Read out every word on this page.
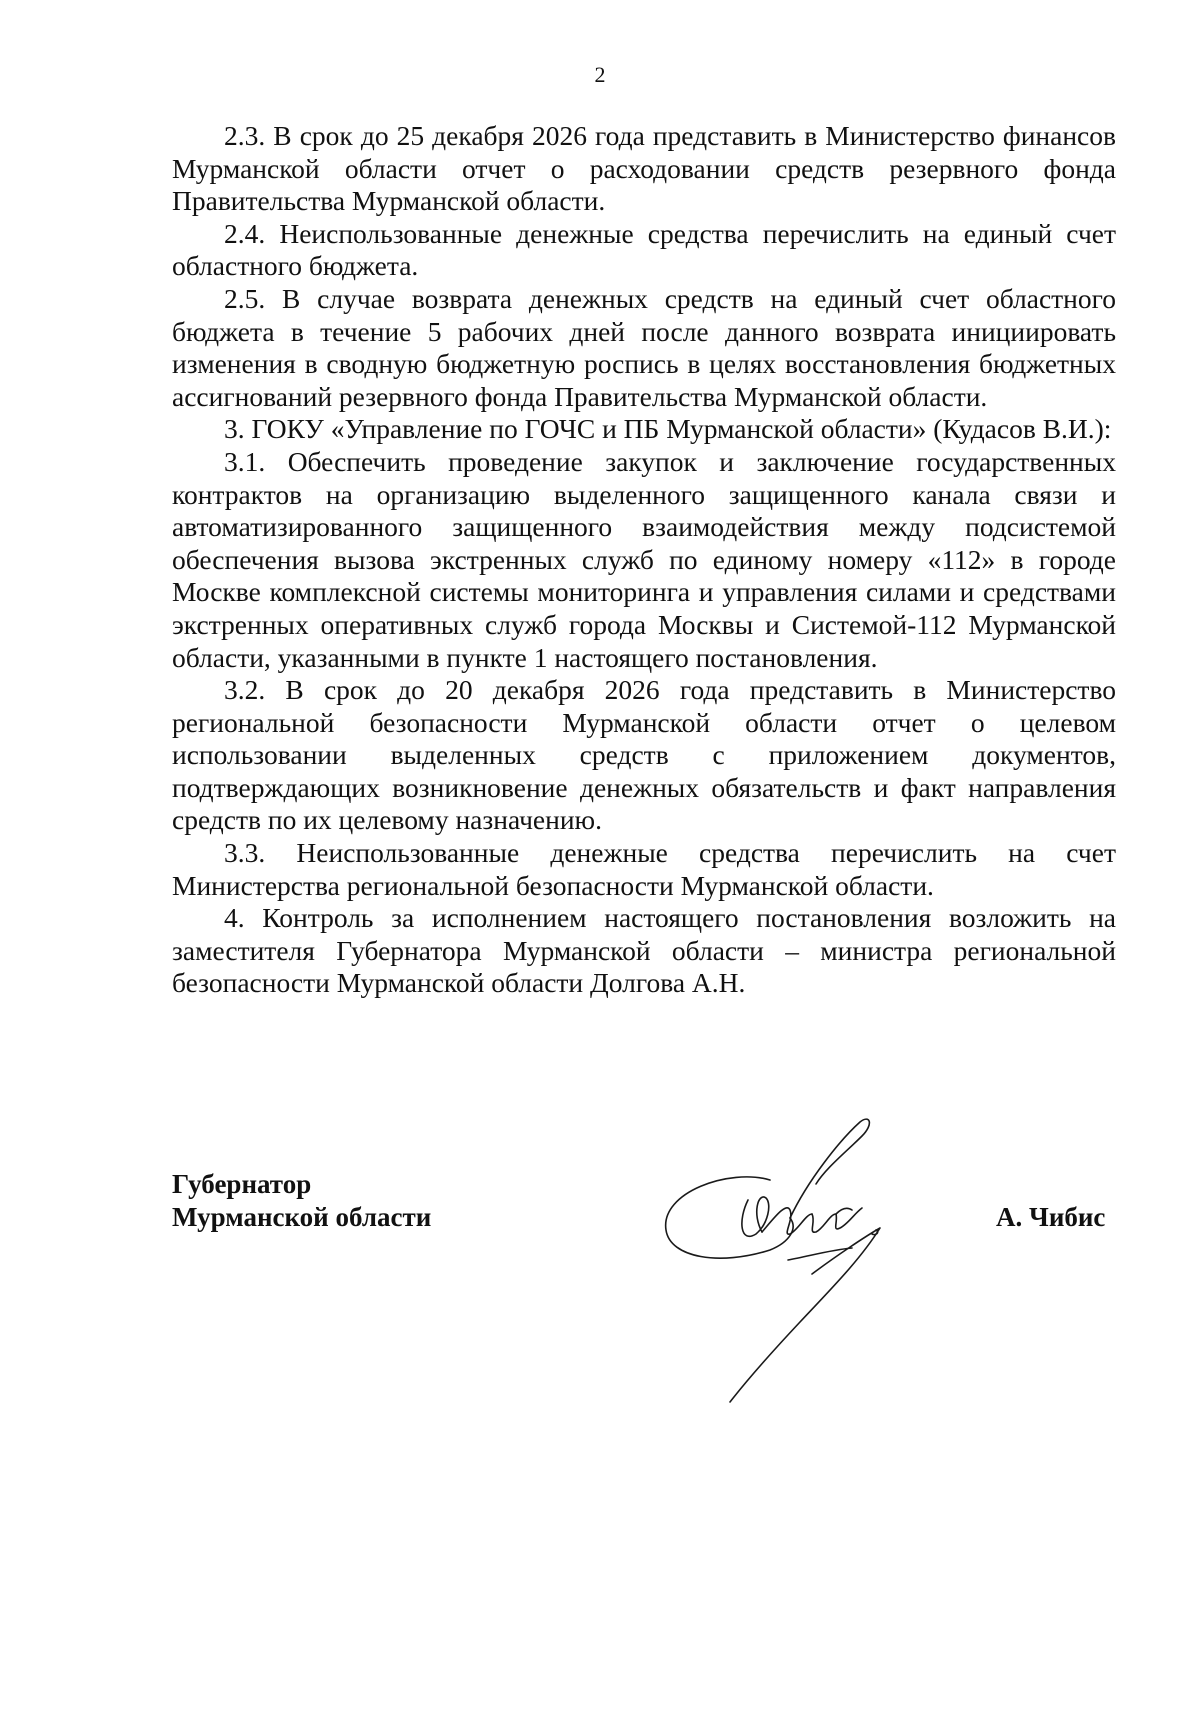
2

2.3. В срок до 25 декабря 2026 года представить в Министерство финансов Мурманской области отчет о расходовании средств резервного фонда Правительства Мурманской области.

2.4. Неиспользованные денежные средства перечислить на единый счет областного бюджета.

2.5. В случае возврата денежных средств на единый счет областного бюджета в течение 5 рабочих дней после данного возврата инициировать изменения в сводную бюджетную роспись в целях восстановления бюджетных ассигнований резервного фонда Правительства Мурманской области.

3. ГОКУ «Управление по ГОЧС и ПБ Мурманской области» (Кудасов В.И.):

3.1. Обеспечить проведение закупок и заключение государственных контрактов на организацию выделенного защищенного канала связи и автоматизированного защищенного взаимодействия между подсистемой обеспечения вызова экстренных служб по единому номеру «112» в городе Москве комплексной системы мониторинга и управления силами и средствами экстренных оперативных служб города Москвы и Системой-112 Мурманской области, указанными в пункте 1 настоящего постановления.

3.2. В срок до 20 декабря 2026 года представить в Министерство региональной безопасности Мурманской области отчет о целевом использовании выделенных средств с приложением документов, подтверждающих возникновение денежных обязательств и факт направления средств по их целевому назначению.

3.3. Неиспользованные денежные средства перечислить на счет Министерства региональной безопасности Мурманской области.

4. Контроль за исполнением настоящего постановления возложить на заместителя Губернатора Мурманской области – министра региональной безопасности Мурманской области Долгова А.Н.

Губернатор
Мурманской области	А. Чибис
